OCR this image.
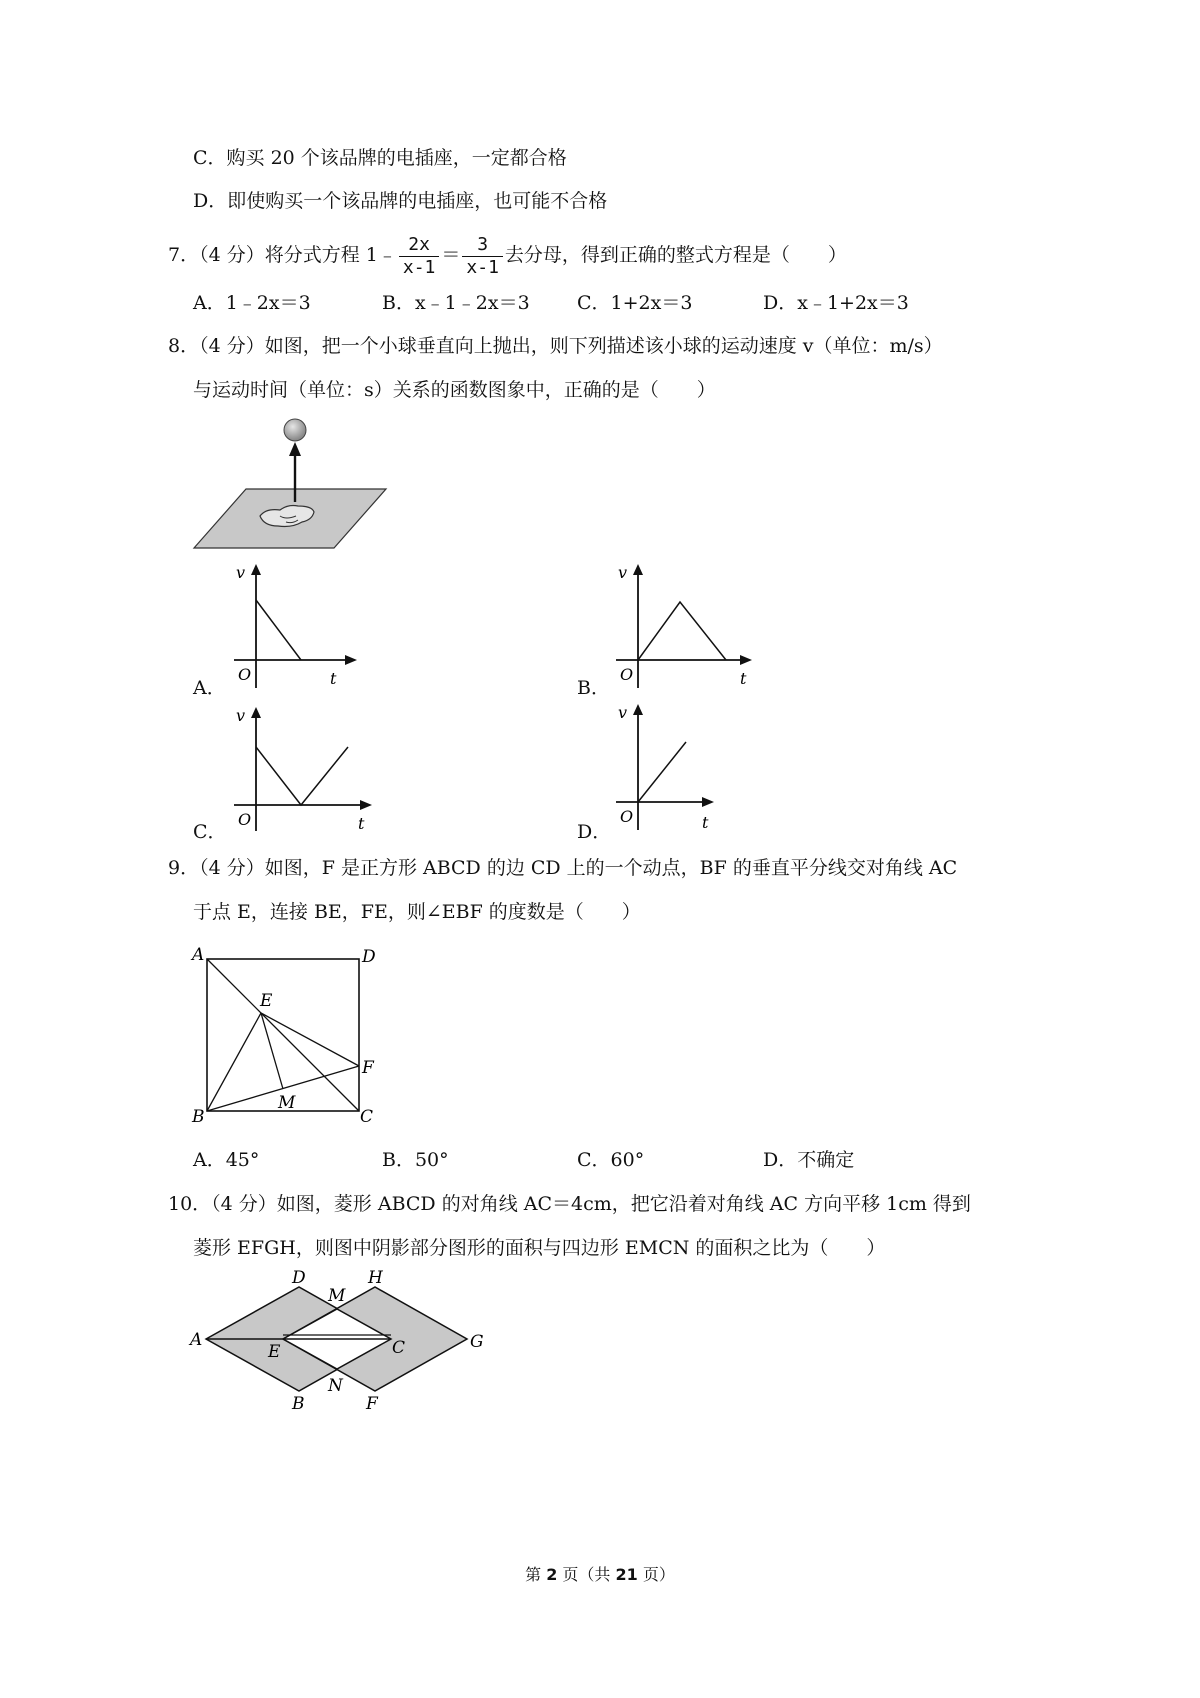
C．购买 20 个该品牌的电插座，一定都合格
D．即使购买一个该品牌的电插座，也可能不合格
7．（4 分）将分式方程 1﹣ $\frac{2x}{x-1} = \frac{3}{x-1}$ 去分母，得到正确的整式方程是（　　）
A．1﹣2x＝3	B．x﹣1﹣2x＝3 C．1+2x＝3	D．x﹣1+2x＝3
8．（4 分）如图，把一个小球垂直向上抛出，则下列描述该小球的运动速度 v（单位：m/s）
与运动时间（单位：s）关系的函数图象中，正确的是（　　）
A．
v
O	t	B．
v
O	t
C．
v
O	t	D．
v
O	t
9．（4 分）如图，F 是正方形 ABCD 的边 CD 上的一个动点，BF 的垂直平分线交对角线 AC
于点 E，连接 BE，FE，则∠EBF 的度数是（　　）
A	D
B	C
E
F
M
A．45°	B．50°	C．60°	D．不确定
10．（4 分）如图，菱形 ABCD 的对角线 AC＝4cm，把它沿着对角线 AC 方向平移 1cm 得到
菱形 EFGH，则图中阴影部分图形的面积与四边形 EMCN 的面积之比为（　　）
D	H
M
A
E	C	G
N
B	F
第 2 页（共 21 页）
